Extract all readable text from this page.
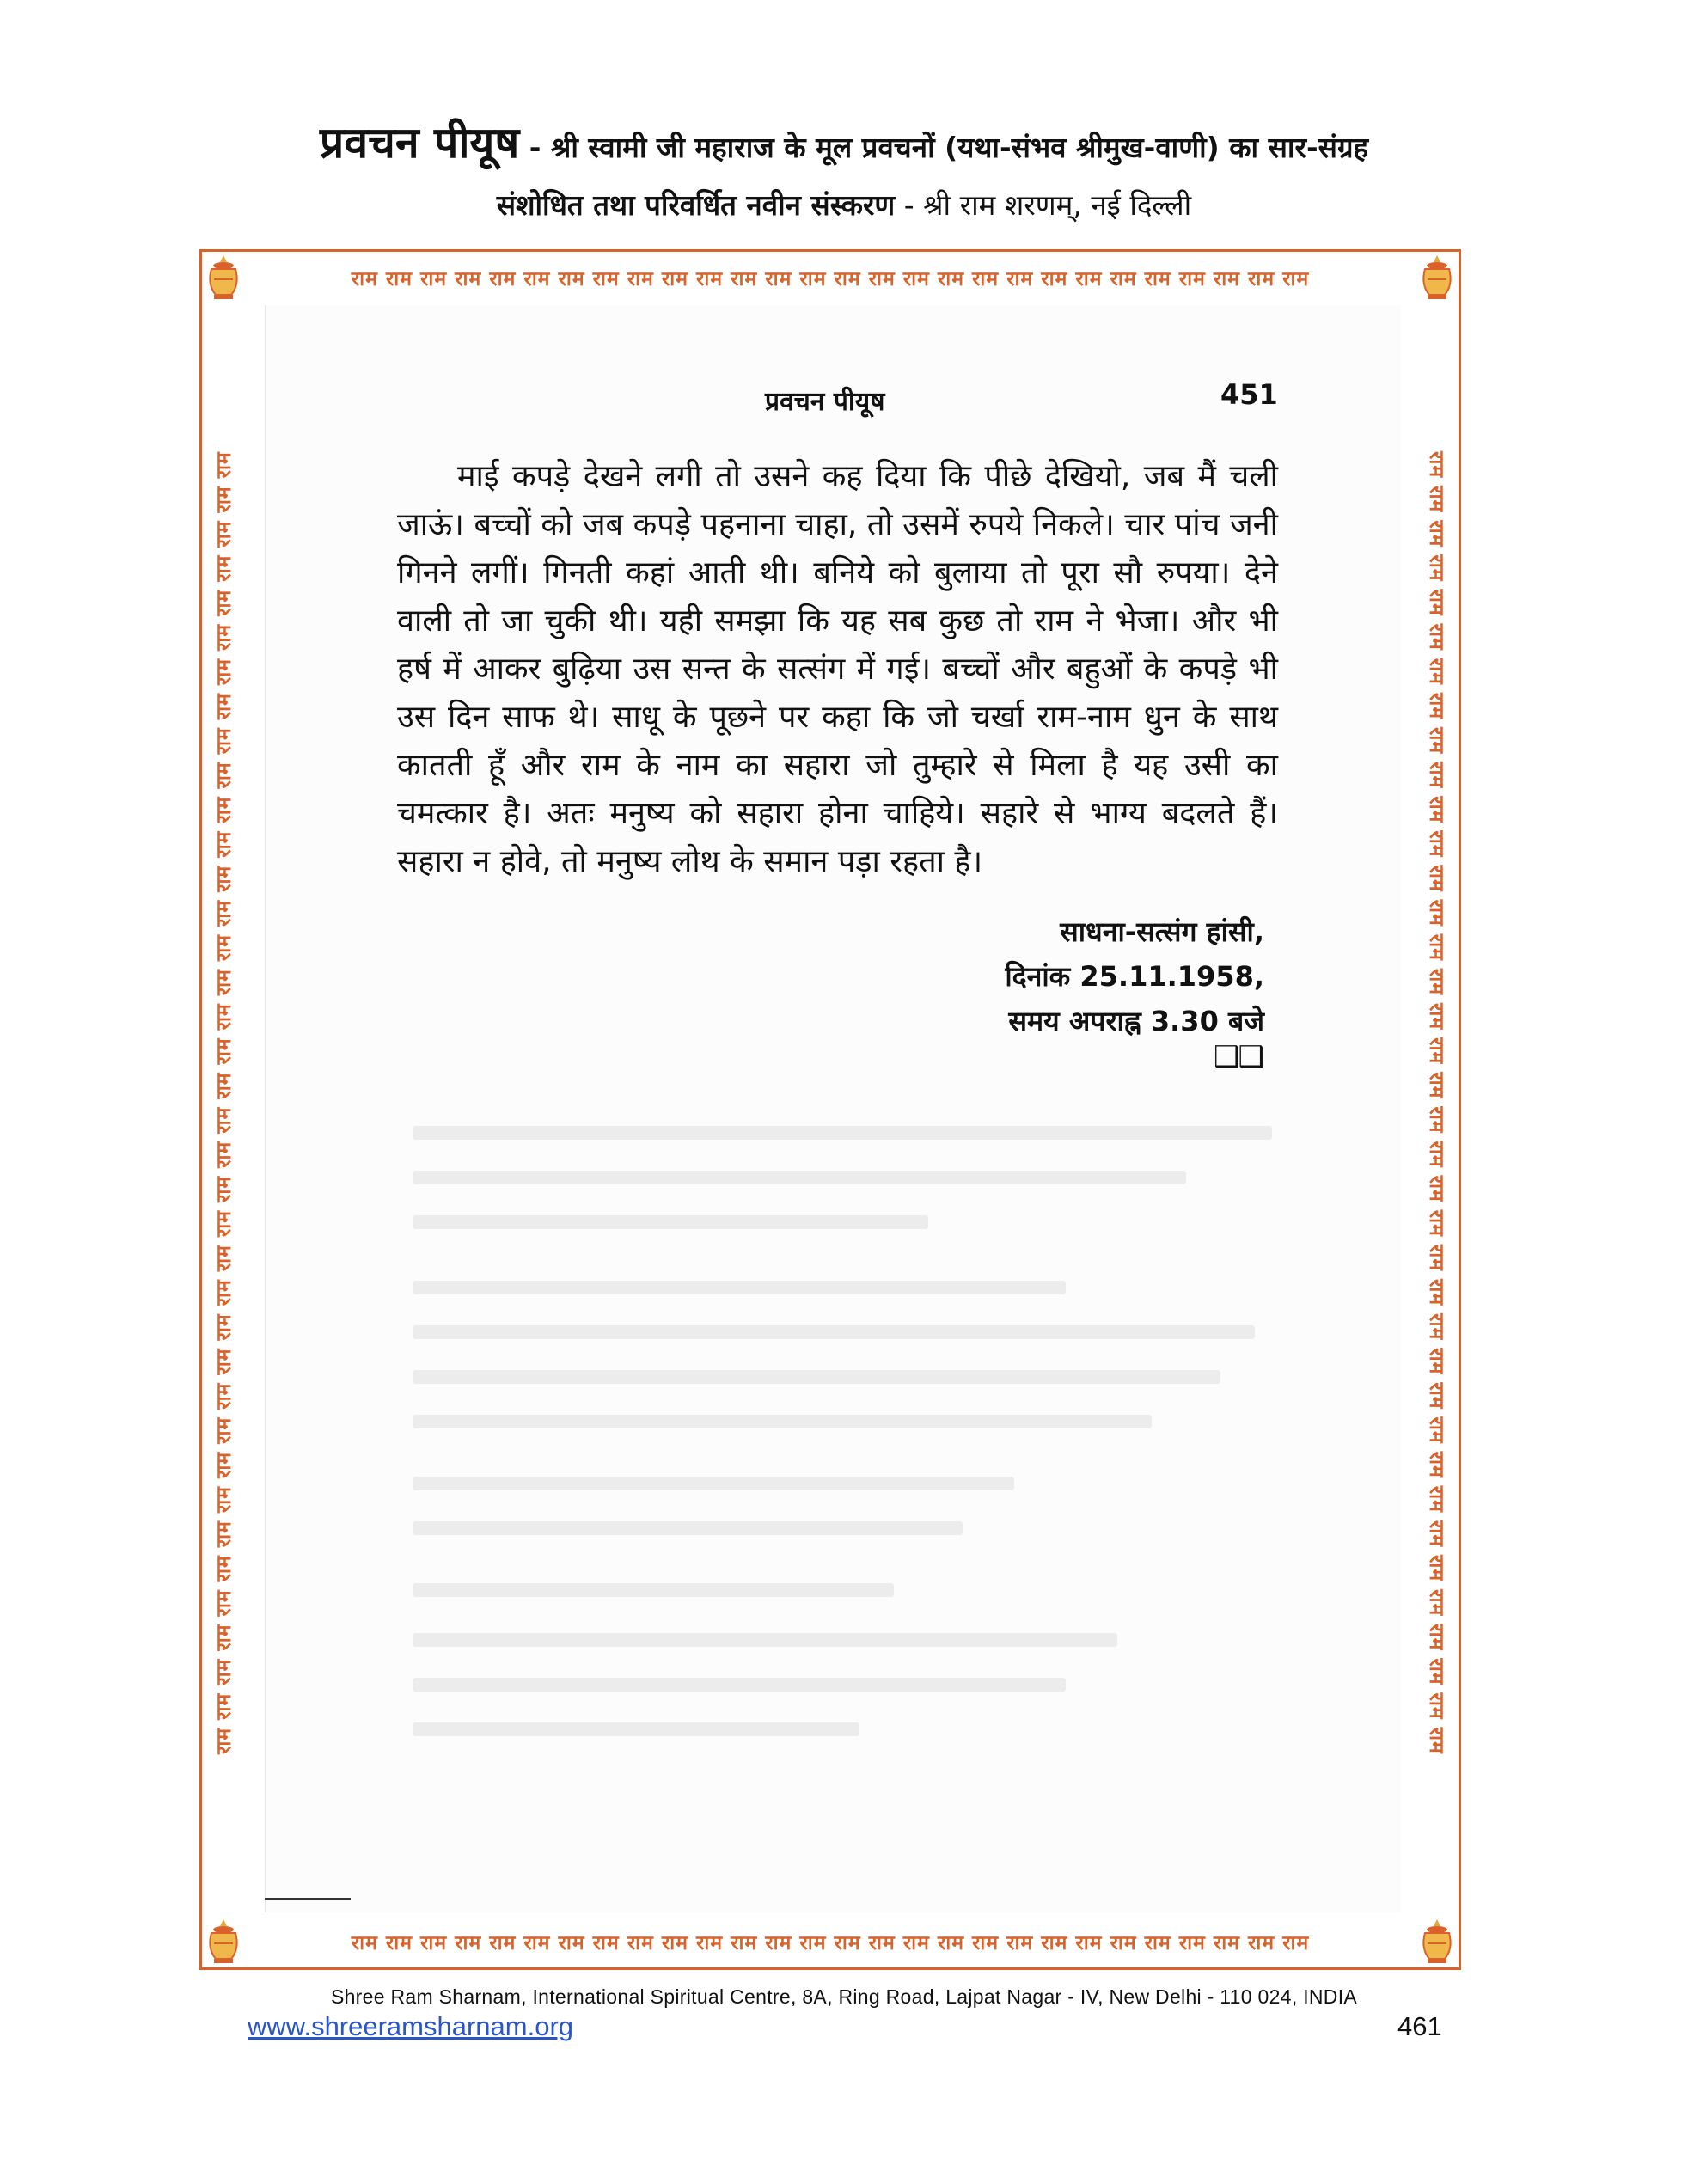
प्रवचन पीयूष - श्री स्वामी जी महाराज के मूल प्रवचनों (यथा-संभव श्रीमुख-वाणी) का सार-संग्रह
संशोधित तथा परिवर्धित नवीन संस्करण - श्री राम शरणम्, नई दिल्ली
राम राम राम राम राम राम राम राम राम राम राम राम राम राम राम राम राम राम राम राम राम राम राम राम राम राम राम राम
राम राम राम राम राम राम राम राम राम राम राम राम राम राम राम राम राम राम राम राम राम राम राम राम राम राम राम राम
राम राम राम राम राम राम राम राम राम राम राम राम राम राम राम राम राम राम राम राम राम राम राम राम राम राम राम राम राम राम राम राम राम राम राम राम राम राम	राम राम राम राम राम राम राम राम राम राम राम राम राम राम राम राम राम राम राम राम राम राम राम राम राम राम राम राम राम राम राम राम राम राम राम राम राम राम
प्रवचन पीयूष	451
माई कपड़े देखने लगी तो उसने कह दिया कि पीछे देखियो, जब मैं चली जाऊं। बच्चों को जब कपड़े पहनाना चाहा, तो उसमें रुपये निकले। चार पांच जनी गिनने लगीं। गिनती कहां आती थी। बनिये को बुलाया तो पूरा सौ रुपया। देने वाली तो जा चुकी थी। यही समझा कि यह सब कुछ तो राम ने भेजा। और भी हर्ष में आकर बुढ़िया उस सन्त के सत्संग में गई। बच्चों और बहुओं के कपड़े भी उस दिन साफ थे। साधू के पूछने पर कहा कि जो चर्खा राम-नाम धुन के साथ कातती हूँ और राम के नाम का सहारा जो तुम्हारे से मिला है यह उसी का चमत्कार है। अतः मनुष्य को सहारा होना चाहिये। सहारे से भाग्य बदलते हैं। सहारा न होवे, तो मनुष्य लोथ के समान पड़ा रहता है।
साधना-सत्संग हांसी,
दिनांक 25.11.1958,
समय अपराह्न 3.30 बजे
❑❑
Shree Ram Sharnam, International Spiritual Centre, 8A, Ring Road, Lajpat Nagar - IV, New Delhi - 110 024, INDIA
www.shreeramsharnam.org	461
